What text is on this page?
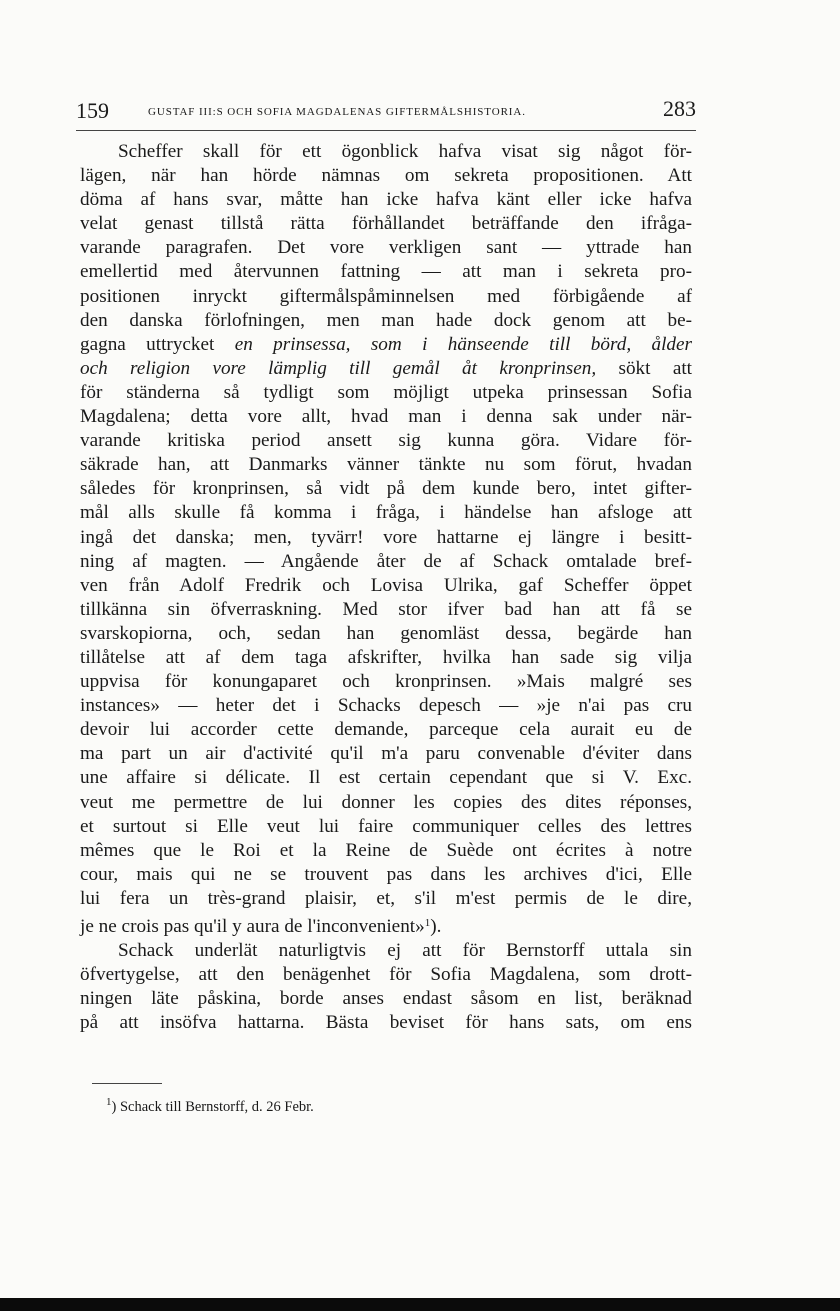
159	GUSTAF III:S OCH SOFIA MAGDALENAS GIFTERMÅLSHISTORIA.	283
Scheffer skall för ett ögonblick hafva visat sig något för-
lägen, när han hörde nämnas om sekreta propositionen. Att
döma af hans svar, måtte han icke hafva känt eller icke hafva
velat genast tillstå rätta förhållandet beträffande den ifråga-
varande paragrafen. Det vore verkligen sant — yttrade han
emellertid med återvunnen fattning — att man i sekreta pro-
positionen inryckt giftermålspåminnelsen med förbigående af
den danska förlofningen, men man hade dock genom att be-
gagna uttrycket en prinsessa, som i hänseende till börd, ålder
och religion vore lämplig till gemål åt kronprinsen, sökt att
för ständerna så tydligt som möjligt utpeka prinsessan Sofia
Magdalena; detta vore allt, hvad man i denna sak under när-
varande kritiska period ansett sig kunna göra. Vidare för-
säkrade han, att Danmarks vänner tänkte nu som förut, hvadan
således för kronprinsen, så vidt på dem kunde bero, intet gifter-
mål alls skulle få komma i fråga, i händelse han afsloge att
ingå det danska; men, tyvärr! vore hattarne ej längre i besitt-
ning af magten. — Angående åter de af Schack omtalade bref-
ven från Adolf Fredrik och Lovisa Ulrika, gaf Scheffer öppet
tillkänna sin öfverraskning. Med stor ifver bad han att få se
svarskopiorna, och, sedan han genomläst dessa, begärde han
tillåtelse att af dem taga afskrifter, hvilka han sade sig vilja
uppvisa för konungaparet och kronprinsen. »Mais malgré ses
instances» — heter det i Schacks depesch — »je n'ai pas cru
devoir lui accorder cette demande, parceque cela aurait eu de
ma part un air d'activité qu'il m'a paru convenable d'éviter dans
une affaire si délicate. Il est certain cependant que si V. Exc.
veut me permettre de lui donner les copies des dites réponses,
et surtout si Elle veut lui faire communiquer celles des lettres
mêmes que le Roi et la Reine de Suède ont écrites à notre
cour, mais qui ne se trouvent pas dans les archives d'ici, Elle
lui fera un très-grand plaisir, et, s'il m'est permis de le dire,
je ne crois pas qu'il y aura de l'inconvenient»$^1$).
Schack underlät naturligtvis ej att för Bernstorff uttala sin
öfvertygelse, att den benägenhet för Sofia Magdalena, som drott-
ningen läte påskina, borde anses endast såsom en list, beräknad
på att insöfva hattarna. Bästa beviset för hans sats, om ens
$^1$) Schack till Bernstorff, d. 26 Febr.
